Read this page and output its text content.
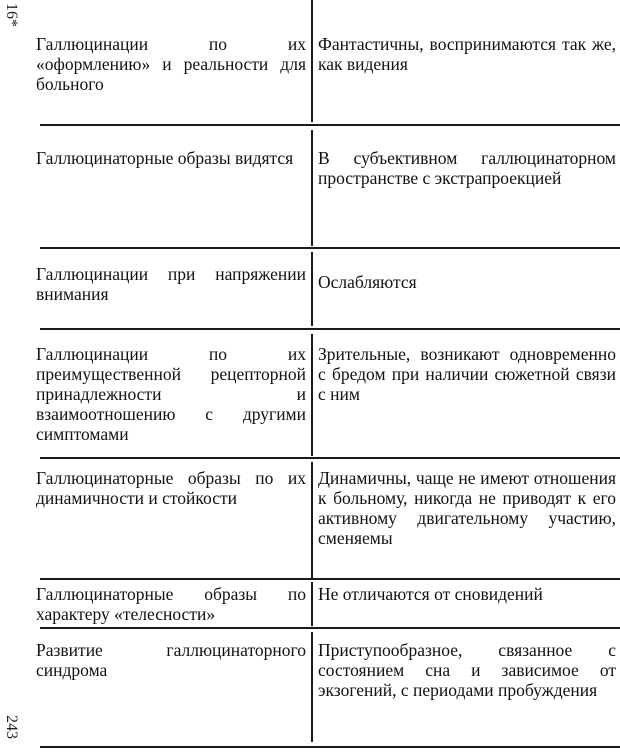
16*
243
Галлюцинации по их «оформлению» и реальности для больного
Фантастичны, воспринимаются так же, как видения
Галлюцинаторные образы видятся	В субъективном галлюцинаторном пространстве с экстрапроекцией
Галлюцинации при напряжении внимания
Ослабляются
Галлюцинации по их преимущественной рецепторной принадлежности и взаимоотношению с другими симптомами
Зрительные, возникают одновременно с бредом при наличии сюжетной связи с ним
Галлюцинаторные образы по их динамичности и стойкости
Динамичны, чаще не имеют отношения к больному, никогда не приводят к его активному двигательному участию, сменяемы
Галлюцинаторные образы по характеру «телесности»
Не отличаются от сновидений
Развитие галлюцинаторного синдрома
Приступообразное, связанное с состоянием сна и зависимое от экзогений, с периодами пробуждения
